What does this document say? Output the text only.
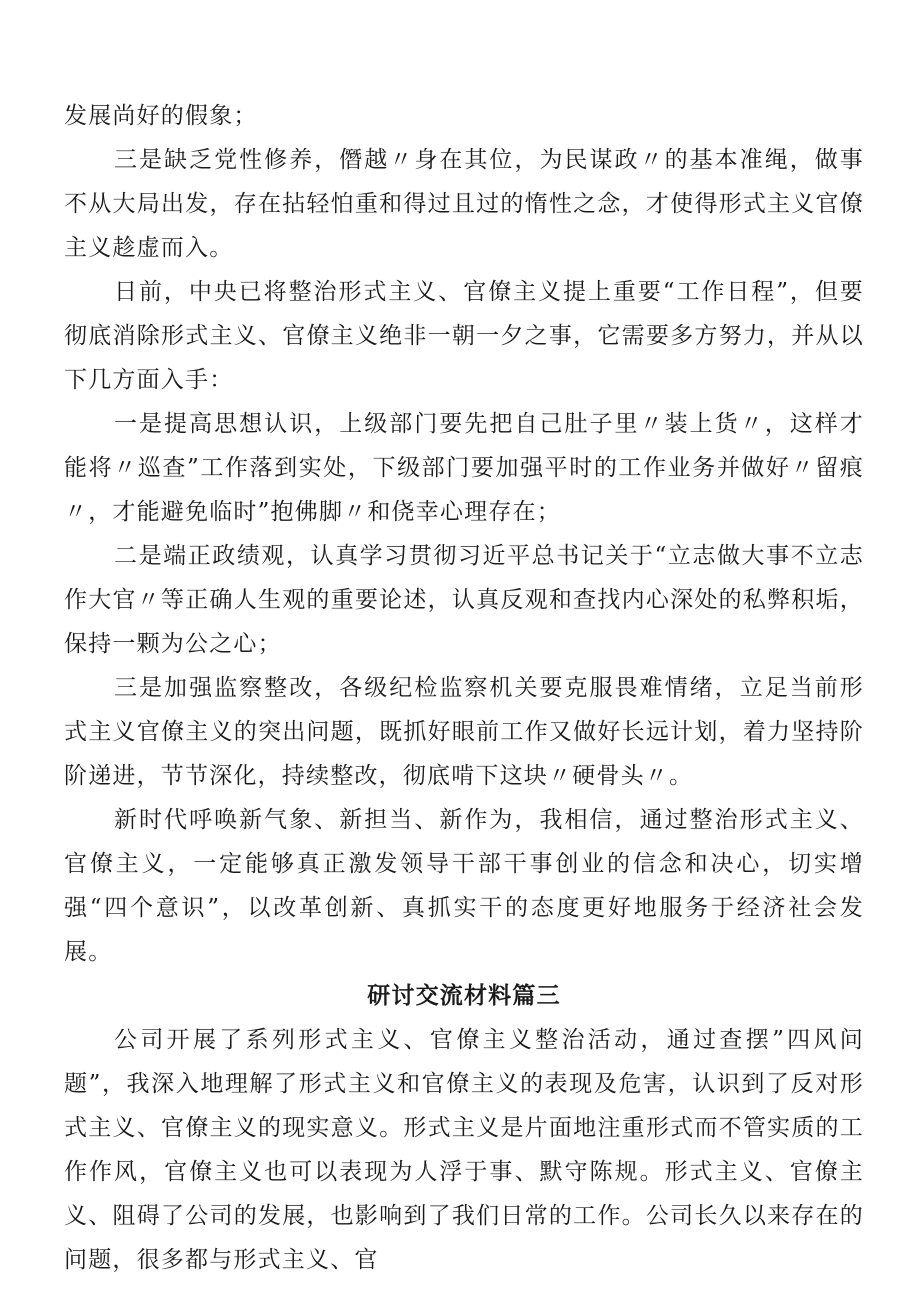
发展尚好的假象；

三是缺乏党性修养，僭越〃身在其位，为民谋政〃的基本准绳，做事不从大局出发，存在拈轻怕重和得过且过的惰性之念，才使得形式主义官僚主义趁虚而入。

日前，中央已将整治形式主义、官僚主义提上重要“工作日程”，但要彻底消除形式主义、官僚主义绝非一朝一夕之事，它需要多方努力，并从以下几方面入手：

一是提高思想认识，上级部门要先把自己肚子里〃装上货〃，这样才能将〃巡查”工作落到实处，下级部门要加强平时的工作业务并做好〃留痕〃，才能避免临时”抱佛脚〃和侥幸心理存在；

二是端正政绩观，认真学习贯彻习近平总书记关于“立志做大事不立志作大官〃等正确人生观的重要论述，认真反观和查找内心深处的私弊积垢，保持一颗为公之心；

三是加强监察整改，各级纪检监察机关要克服畏难情绪，立足当前形式主义官僚主义的突出问题，既抓好眼前工作又做好长远计划，着力坚持阶阶递进，节节深化，持续整改，彻底啃下这块〃硬骨头〃。

新时代呼唤新气象、新担当、新作为，我相信，通过整治形式主义、官僚主义，一定能够真正激发领导干部干事创业的信念和决心，切实增强“四个意识”，以改革创新、真抓实干的态度更好地服务于经济社会发展。

研讨交流材料篇三

公司开展了系列形式主义、官僚主义整治活动，通过查摆”四风问题”，我深入地理解了形式主义和官僚主义的表现及危害，认识到了反对形式主义、官僚主义的现实意义。形式主义是片面地注重形式而不管实质的工作作风，官僚主义也可以表现为人浮于事、默守陈规。形式主义、官僚主义、阻碍了公司的发展，也影响到了我们日常的工作。公司长久以来存在的问题，很多都与形式主义、官
